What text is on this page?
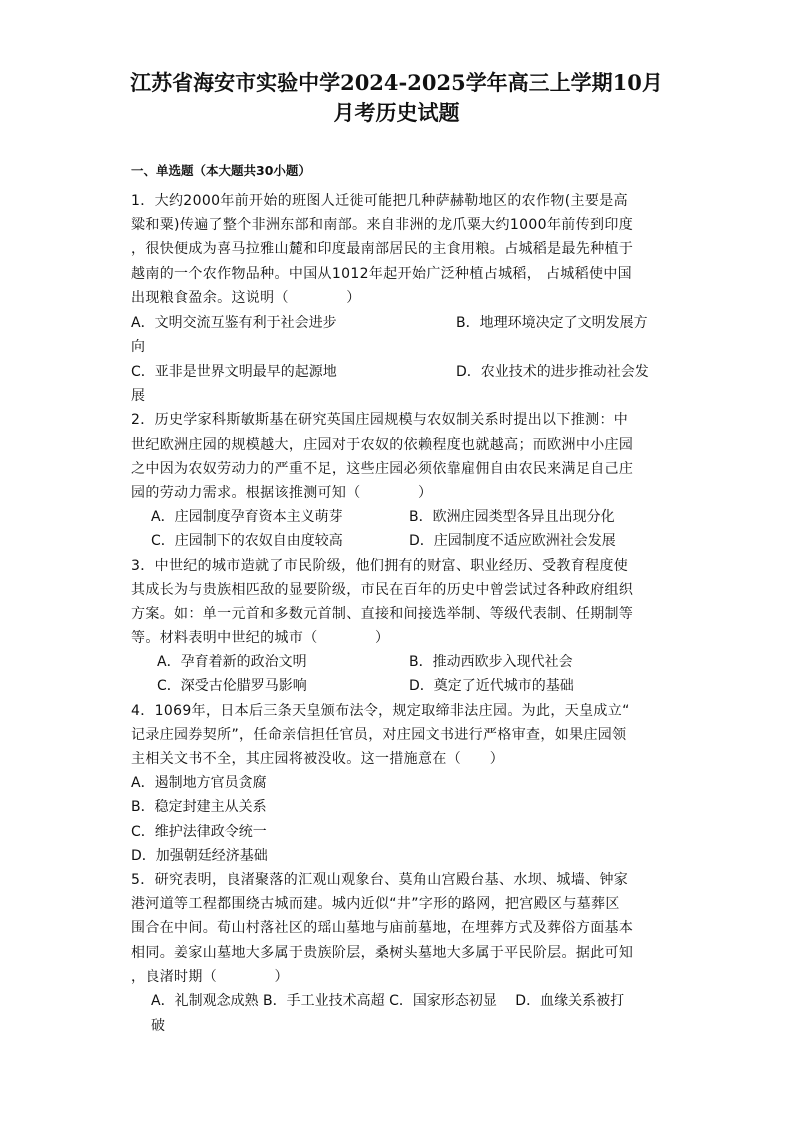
江苏省海安市实验中学2024-2025学年高三上学期10月
月考历史试题
一、单选题（本大题共30小题）
1．大约2000年前开始的班图人迁徙可能把几种萨赫勒地区的农作物(主要是高
粱和粟)传遍了整个非洲东部和南部。来自非洲的龙爪粟大约1000年前传到印度
，很快便成为喜马拉雅山麓和印度最南部居民的主食用粮。占城稻是最先种植于
越南的一个农作物品种。中国从1012年起开始广泛种植占城稻， 占城稻使中国
出现粮食盈余。这说明（　　　　）
A．文明交流互鉴有利于社会进步	B．地理环境决定了文明发展方
向
C．亚非是世界文明最早的起源地	D．农业技术的进步推动社会发
展
2．历史学家科斯敏斯基在研究英国庄园规模与农奴制关系时提出以下推测：中
世纪欧洲庄园的规模越大，庄园对于农奴的依赖程度也就越高；而欧洲中小庄园
之中因为农奴劳动力的严重不足，这些庄园必须依靠雇佣自由农民来满足自己庄
园的劳动力需求。根据该推测可知（　　　　）
A．庄园制度孕育资本主义萌芽	B．欧洲庄园类型各异且出现分化
C．庄园制下的农奴自由度较高	D．庄园制度不适应欧洲社会发展
3．中世纪的城市造就了市民阶级，他们拥有的财富、职业经历、受教育程度使
其成长为与贵族相匹敌的显要阶级，市民在百年的历史中曾尝试过各种政府组织
方案。如：单一元首和多数元首制、直接和间接选举制、等级代表制、任期制等
等。材料表明中世纪的城市（　　　　）
A．孕育着新的政治文明	B．推动西欧步入现代社会
C．深受古伦腊罗马影响	D．奠定了近代城市的基础
4．1069年，日本后三条天皇颁布法令，规定取缔非法庄园。为此，天皇成立“
记录庄园券契所”，任命亲信担任官员，对庄园文书进行严格审查，如果庄园领
主相关文书不全，其庄园将被没收。这一措施意在（　　）
A．遏制地方官员贪腐
B．稳定封建主从关系
C．维护法律政令统一
D．加强朝廷经济基础
5．研究表明，良渚聚落的汇观山观象台、莫角山宫殿台基、水坝、城墙、钟家
港河道等工程都围绕古城而建。城内近似“井”字形的路网，把宫殿区与墓葬区
围合在中间。荀山村落社区的瑶山墓地与庙前墓地，在埋葬方式及葬俗方面基本
相同。姜家山墓地大多属于贵族阶层，桑树头墓地大多属于平民阶层。据此可知
，良渚时期（　　　　）
A．礼制观念成熟 B．手工业技术高超 C．国家形态初显　 D．血缘关系被打
破
